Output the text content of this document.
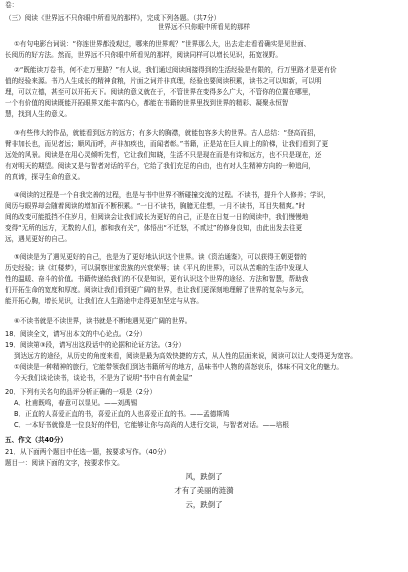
卷：
（三）阅读《世界远不只你眼中所看见的那样》，完成下列各题。（共7分）
世界远不只你眼中所看见的那样
①有句电影台词说：“你连世界都没观过，哪来的世界观？”世界那么大，出去走走看看确实是见世面、
长阅历的好方法。然而，世界远不只你眼中所看见的那样，阅读同样可以增长见识，拓宽视野。
②“既能读万卷书，何不走万里路？”有人说，我们通过阅读间接得到的生活经验是有限的，行万里路才是更有价
值的经验来源。书乃人生成长的精神食粮，片面之词并非真理，经验也要阅读积累，读书之可以知新，可以明
理，可以立德，甚至可以开拓天下。阅读的意义就在于，不管世界在变得多么广大，不管你的位置在哪里，
一个有价值的阅读既能开拓眼界又能丰富内心，都能在书籍的世界里找到世界的精彩、凝聚永恒智
慧，找到人生的意义。
③有些伟大的作品，就能看到远方的远方；有多大的胸襟，就能包容多大的世界。古人总结：“登高而招，
臂非加长也，而见者远；顺风而呼，声非加疾也，而闻者彰。”书籍，正是站在巨人肩上的阶梯，让我们看到了更
远处的风景。阅读是在用心灵倾听先哲，它让我们知晓，生活不只是现在而是有诗和远方，也不只是现在，还
有对明天的期望。阅读又是与智者对话的平台，它给了我们充足的自由，也有对人生精神方向的一种追问，
的真谛，探寻生命的意义。
④阅读的过程是一个自我完善的过程，也是与书中世界不断碰撞交流的过程。不读书，提升个人修养；学识，
阅历与眼界却会随着阅读的增加而不断积累。“一日不读书，胸臆无佳想，一月不读书，耳目失精爽。”时
间的改变可能抵挡不住岁月，但阅读会让我们成长为更好的自己，正是在日复一日的阅读中，我们慢慢地
变得“无所的远方，无数的人们，都和我有关”，体悟出“不迁怒，不贰过”的修身良知，由此出发去往更
远，遇见更好的自己。
⑤阅读是为了遇见更好的自己，也是为了更好地认识这个世界。读《资治通鉴》，可以获得王朝更替的
历史经验；读《红楼梦》，可以洞察世家贵族的兴衰荣辱；读《平凡的世界》，可以从苦难的生活中发现人
性的温暖、奋斗的价值。书籍传递给我们的不仅是知识，更有认识这个世界的途径、方法和智慧，帮助我
们开拓生命的宽度和厚度。阅读让我们看到更广阔的世界，也让我们更深刻地理解了世界的复杂与多元，
能开拓心胸，增长见识，让我们在人生路途中走得更加坚定与从容。
⑥不读书就是不读世界，读书就是不断地遇见更广阔的世界。
18．阅读全文，请写出本文的中心论点。（2分）
19．阅读第③段，请写出这段话中的论据和论证方法。（3分）
到达远方的途径，从历史的角度来看，阅读是最为高效快捷的方式，从人性的层面来说，阅读可以让人变得更为宽容。
①阅读是一种精神的旅行，它能带领我们到达书籍所写的地方，品味书中人物的喜怒哀乐，体味不同文化的魅力。
今天我们谈论读书，谈论书，不是为了说明“书中自有黄金屋”
20．下列有关名句的品评分析正确的一项是（2分）
A．杜甫既鸣，春意可以显见。——刘禹锡
B．正直的人喜爱正直的书，喜爱正直的人也喜爱正直的书。——孟德斯鸠
C．一本好书就像是一位良好的伴侣，它能够让你与高尚的人进行交谈，与智者对话。——培根
五、作文（共40分）
21．从下面两个题目中任选一题，按要求写作。（40分）
题目一：阅读下面的文字，按要求作文。
风，跌倒了
才有了美丽的涟漪
云，跌倒了
